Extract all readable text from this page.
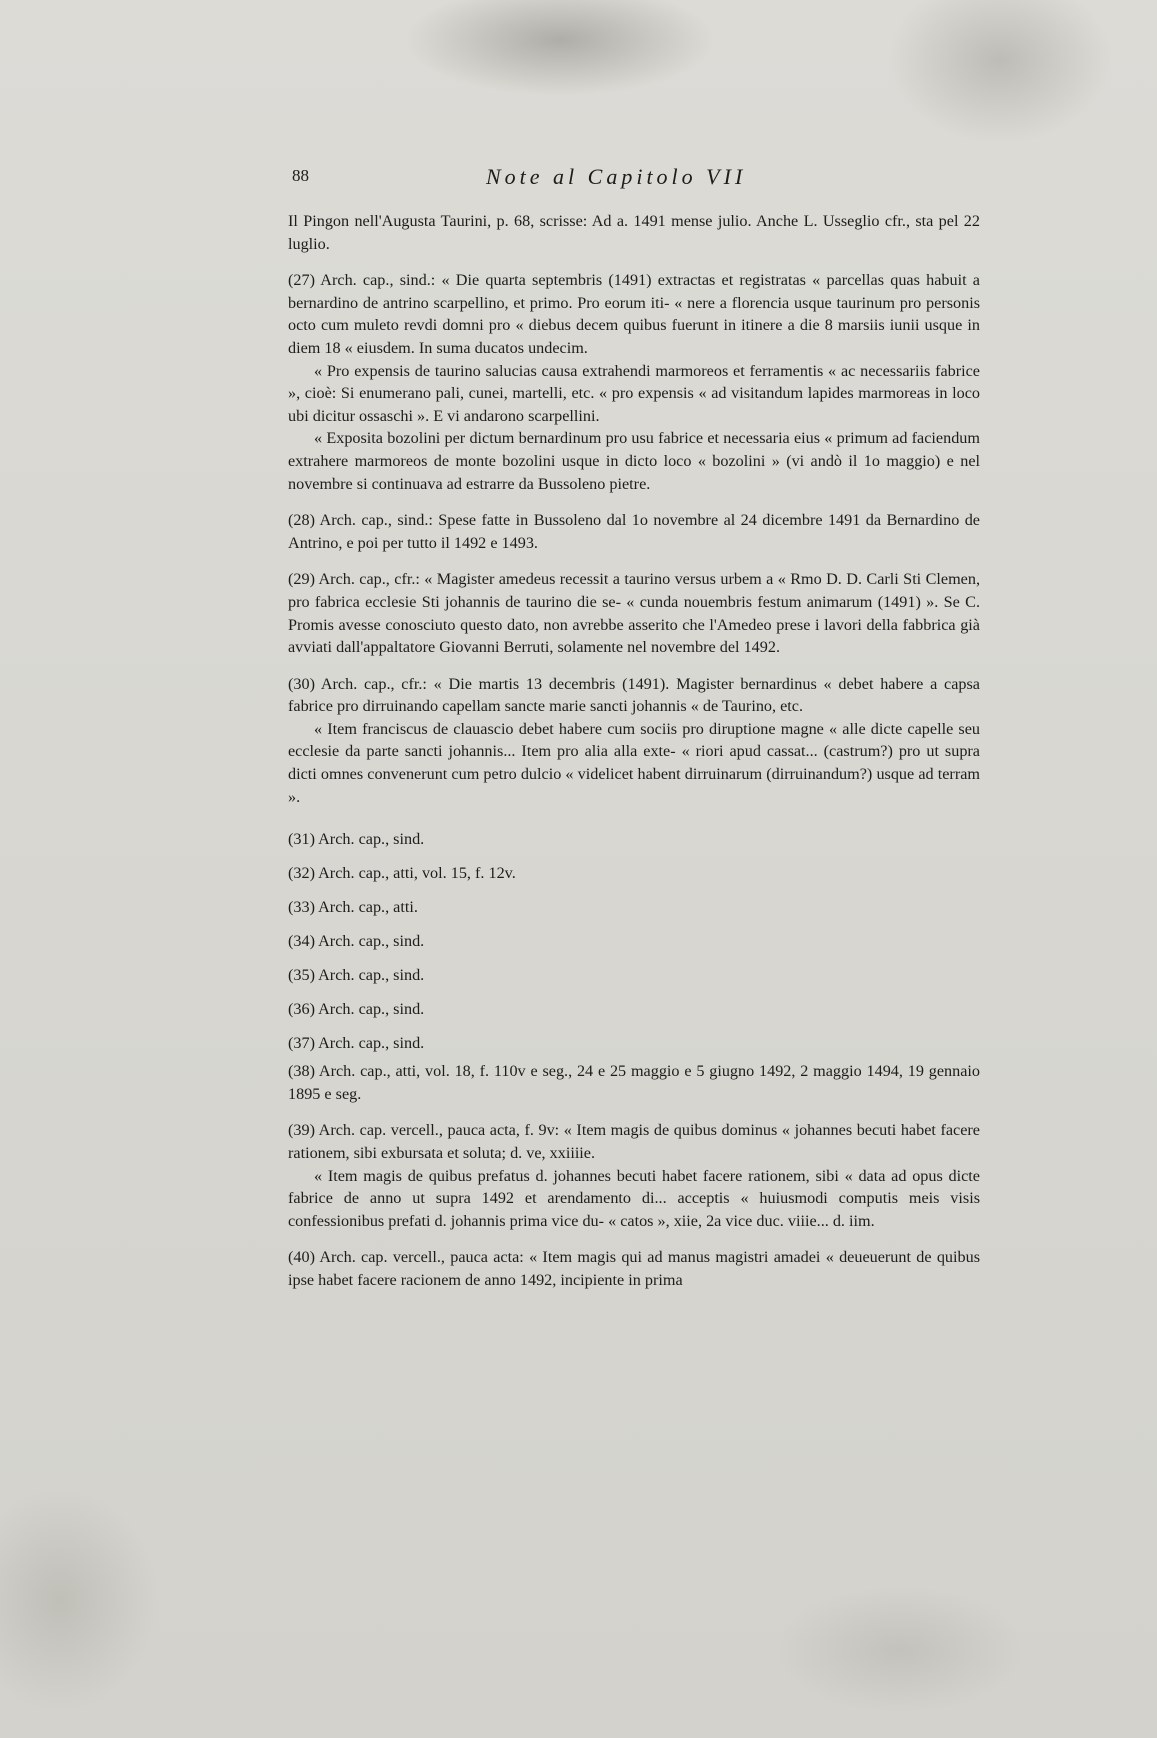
88	Note al Capitolo VII

Il Pingon nell'Augusta Taurini, p. 68, scrisse: Ad a. 1491 mense julio. Anche L. Usseglio cfr., sta pel 22 luglio.

(27) Arch. cap., sind.: « Die quarta septembris (1491) extractas et registratas « parcellas quas habuit a bernardino de antrino scarpellino, et primo. Pro eorum iti- « nere a florencia usque taurinum pro personis octo cum muleto revdi domni pro « diebus decem quibus fuerunt in itinere a die 8 marsiis iunii usque in diem 18 « eiusdem. In suma ducatos undecim.

« Pro expensis de taurino salucias causa extrahendi marmoreos et ferramentis « ac necessariis fabrice », cioè: Si enumerano pali, cunei, martelli, etc. « pro expensis « ad visitandum lapides marmoreas in loco ubi dicitur ossaschi ». E vi andarono scarpellini.

« Exposita bozolini per dictum bernardinum pro usu fabrice et necessaria eius « primum ad faciendum extrahere marmoreos de monte bozolini usque in dicto loco « bozolini » (vi andò il 1o maggio) e nel novembre si continuava ad estrarre da Bussoleno pietre.

(28) Arch. cap., sind.: Spese fatte in Bussoleno dal 1o novembre al 24 dicembre 1491 da Bernardino de Antrino, e poi per tutto il 1492 e 1493.

(29) Arch. cap., cfr.: « Magister amedeus recessit a taurino versus urbem a « Rmo D. D. Carli Sti Clemen, pro fabrica ecclesie Sti johannis de taurino die se- « cunda nouembris festum animarum (1491) ». Se C. Promis avesse conosciuto questo dato, non avrebbe asserito che l'Amedeo prese i lavori della fabbrica già avviati dall'appaltatore Giovanni Berruti, solamente nel novembre del 1492.

(30) Arch. cap., cfr.: « Die martis 13 decembris (1491). Magister bernardinus « debet habere a capsa fabrice pro dirruinando capellam sancte marie sancti johannis « de Taurino, etc.

« Item franciscus de clauascio debet habere cum sociis pro diruptione magne « alle dicte capelle seu ecclesie da parte sancti johannis... Item pro alia alla exte- « riori apud cassat... (castrum?) pro ut supra dicti omnes convenerunt cum petro dulcio « videlicet habent dirruinarum (dirruinandum?) usque ad terram ».

(31) Arch. cap., sind.
(32) Arch. cap., atti, vol. 15, f. 12v.
(33) Arch. cap., atti.
(34) Arch. cap., sind.
(35) Arch. cap., sind.
(36) Arch. cap., sind.
(37) Arch. cap., sind.

(38) Arch. cap., atti, vol. 18, f. 110v e seg., 24 e 25 maggio e 5 giugno 1492, 2 maggio 1494, 19 gennaio 1895 e seg.

(39) Arch. cap. vercell., pauca acta, f. 9v: « Item magis de quibus dominus « johannes becuti habet facere rationem, sibi exbursata et soluta; d. ve, xxiiiie.

« Item magis de quibus prefatus d. johannes becuti habet facere rationem, sibi « data ad opus dicte fabrice de anno ut supra 1492 et arendamento di... acceptis « huiusmodi computis meis visis confessionibus prefati d. johannis prima vice du- « catos », xiie, 2a vice duc. viiie... d. iim.

(40) Arch. cap. vercell., pauca acta: « Item magis qui ad manus magistri amadei « deueuerunt de quibus ipse habet facere racionem de anno 1492, incipiente in prima
